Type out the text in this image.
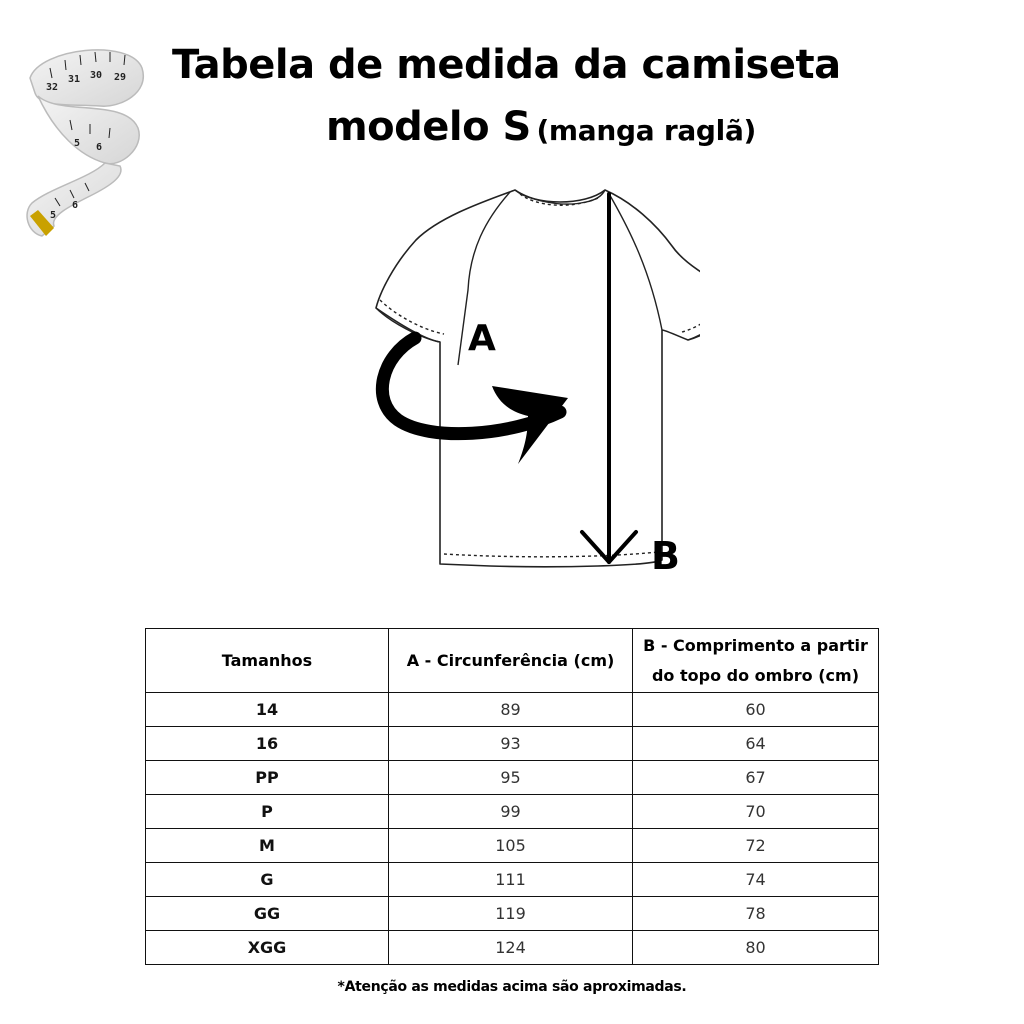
32
31 30 29
5 6
5
6
Tabela de medida da camiseta
modelo S (manga raglã)
A
B
Tamanhos	A - Circunferência (cm)	B - Comprimento a partir do topo do ombro (cm)
14	89	60
16	93	64
PP	95	67
P	99	70
M	105	72
G	111	74
GG	119	78
XGG	124	80
*Atenção as medidas acima são aproximadas.
